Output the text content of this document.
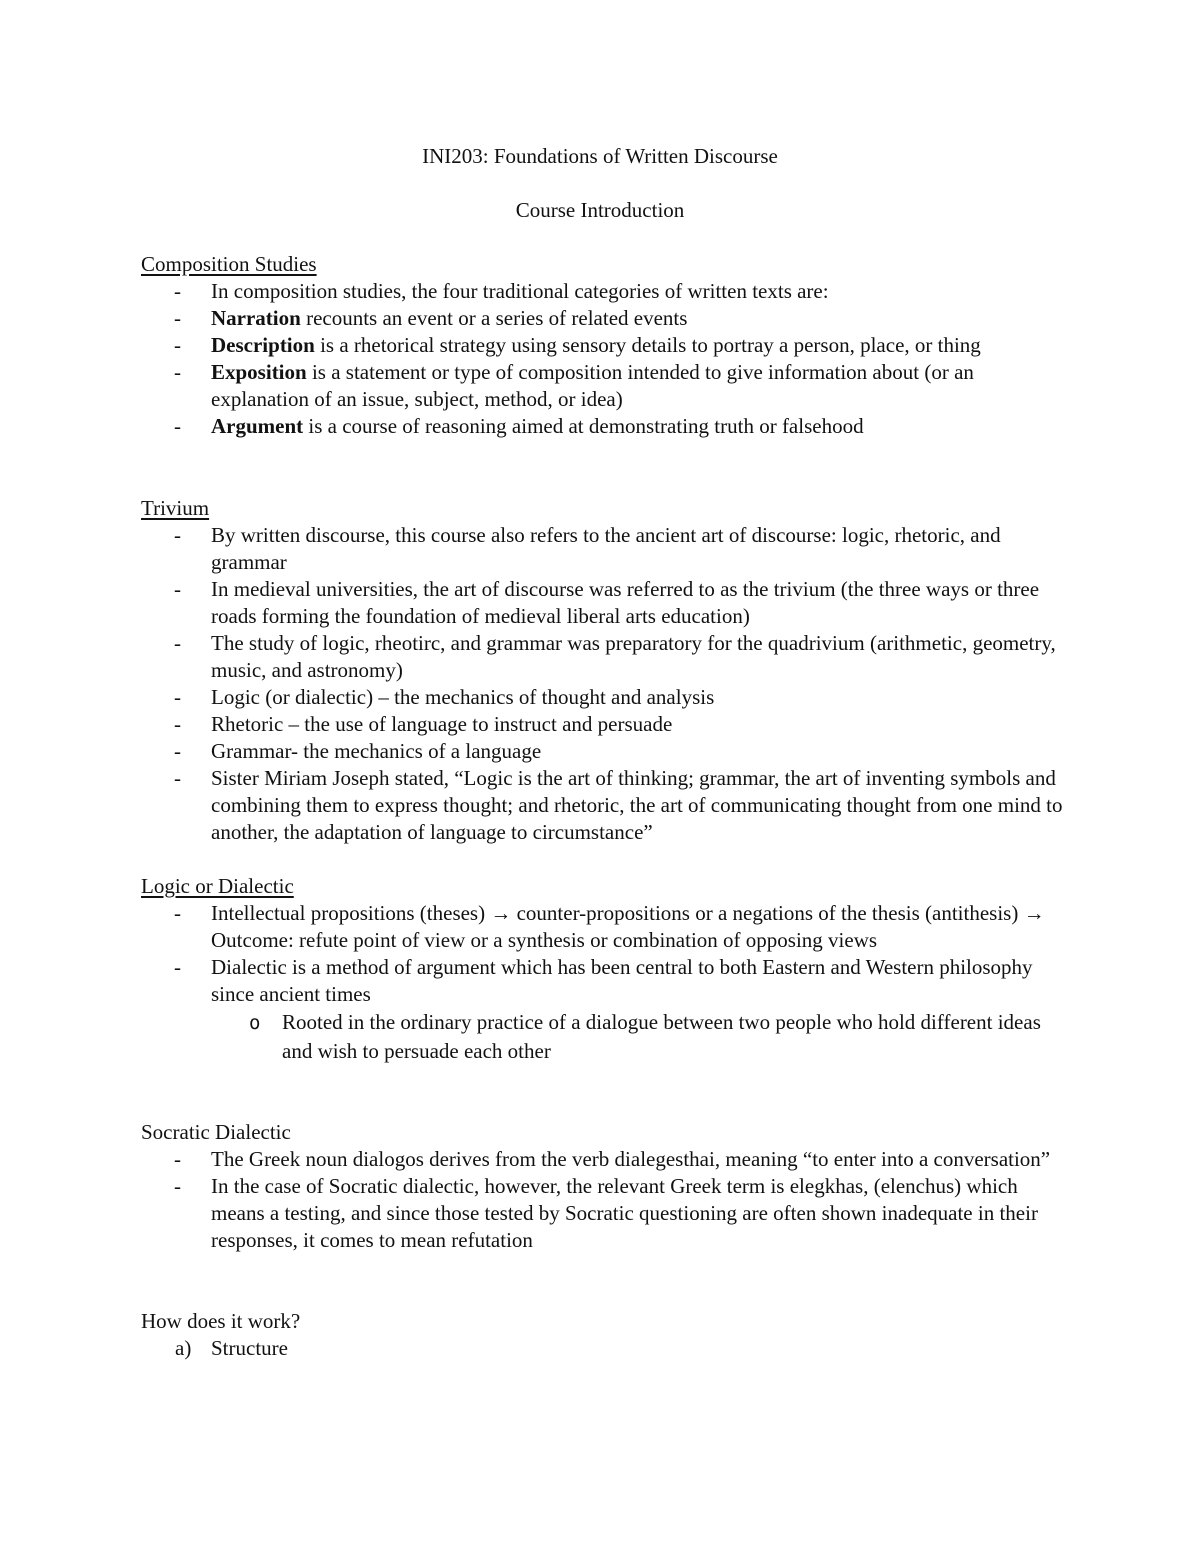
INI203: Foundations of Written Discourse
Course Introduction
Composition Studies
- In composition studies, the four traditional categories of written texts are:
- Narration recounts an event or a series of related events
- Description is a rhetorical strategy using sensory details to portray a person, place, or thing
- Exposition is a statement or type of composition intended to give information about (or an explanation of an issue, subject, method, or idea)
- Argument is a course of reasoning aimed at demonstrating truth or falsehood
Trivium
- By written discourse, this course also refers to the ancient art of discourse: logic, rhetoric, and grammar
- In medieval universities, the art of discourse was referred to as the trivium (the three ways or three roads forming the foundation of medieval liberal arts education)
- The study of logic, rheotirc, and grammar was preparatory for the quadrivium (arithmetic, geometry, music, and astronomy)
- Logic (or dialectic) – the mechanics of thought and analysis
- Rhetoric – the use of language to instruct and persuade
- Grammar- the mechanics of a language
- Sister Miriam Joseph stated, “Logic is the art of thinking; grammar, the art of inventing symbols and combining them to express thought; and rhetoric, the art of communicating thought from one mind to another, the adaptation of language to circumstance”
Logic or Dialectic
- Intellectual propositions (theses) → counter-propositions or a negations of the thesis (antithesis) → Outcome: refute point of view or a synthesis or combination of opposing views
- Dialectic is a method of argument which has been central to both Eastern and Western philosophy since ancient times
o Rooted in the ordinary practice of a dialogue between two people who hold different ideas and wish to persuade each other
Socratic Dialectic
- The Greek noun dialogos derives from the verb dialegesthai, meaning “to enter into a conversation”
- In the case of Socratic dialectic, however, the relevant Greek term is elegkhas, (elenchus) which means a testing, and since those tested by Socratic questioning are often shown inadequate in their responses, it comes to mean refutation
How does it work?
a) Structure
